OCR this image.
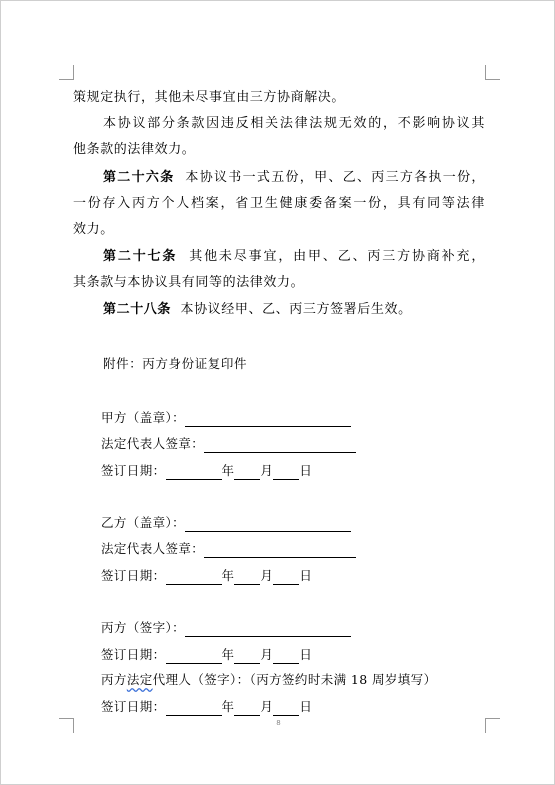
策规定执行，其他未尽事宜由三方协商解决。
本协议部分条款因违反相关法律法规无效的，不影响协议其
他条款的法律效力。
第二十六条 本协议书一式五份，甲、乙、丙三方各执一份，
一份存入丙方个人档案，省卫生健康委备案一份，具有同等法律
效力。
第二十七条 其他未尽事宜，由甲、乙、丙三方协商补充，
其条款与本协议具有同等的法律效力。
第二十八条 本协议经甲、乙、丙三方签署后生效。
附件：丙方身份证复印件
甲方（盖章）：
法定代表人签章：
签订日期：	年 月 日
乙方（盖章）：
法定代表人签章：
签订日期：	年 月 日
丙方（签字）：
签订日期：	年 月 日
丙方法定代理人（签字）：（丙方签约时未满 18 周岁填写）
签订日期：	年 月 日
8
